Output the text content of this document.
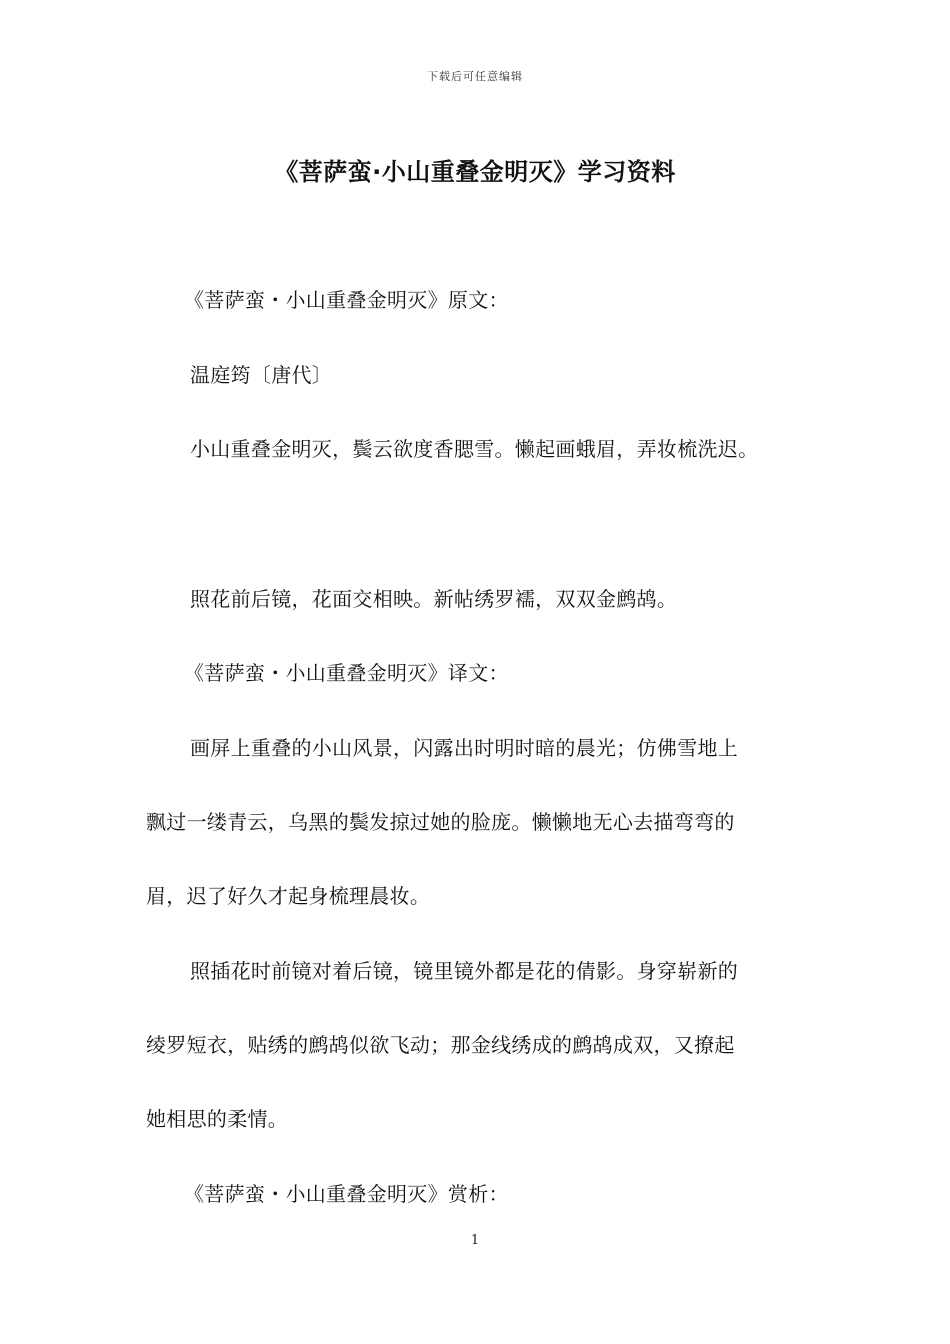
下载后可任意编辑
《菩萨蛮·小山重叠金明灭》学习资料
《菩萨蛮・小山重叠金明灭》原文：
温庭筠〔唐代〕
小山重叠金明灭，鬓云欲度香腮雪。懒起画蛾眉，弄妆梳洗迟。
照花前后镜，花面交相映。新帖绣罗襦，双双金鹧鸪。
《菩萨蛮・小山重叠金明灭》译文：
画屏上重叠的小山风景，闪露出时明时暗的晨光；仿佛雪地上
飘过一缕青云，乌黑的鬓发掠过她的脸庞。懒懒地无心去描弯弯的
眉，迟了好久才起身梳理晨妆。
照插花时前镜对着后镜，镜里镜外都是花的倩影。身穿崭新的
绫罗短衣，贴绣的鹧鸪似欲飞动；那金线绣成的鹧鸪成双，又撩起
她相思的柔情。
《菩萨蛮・小山重叠金明灭》赏析：
1
